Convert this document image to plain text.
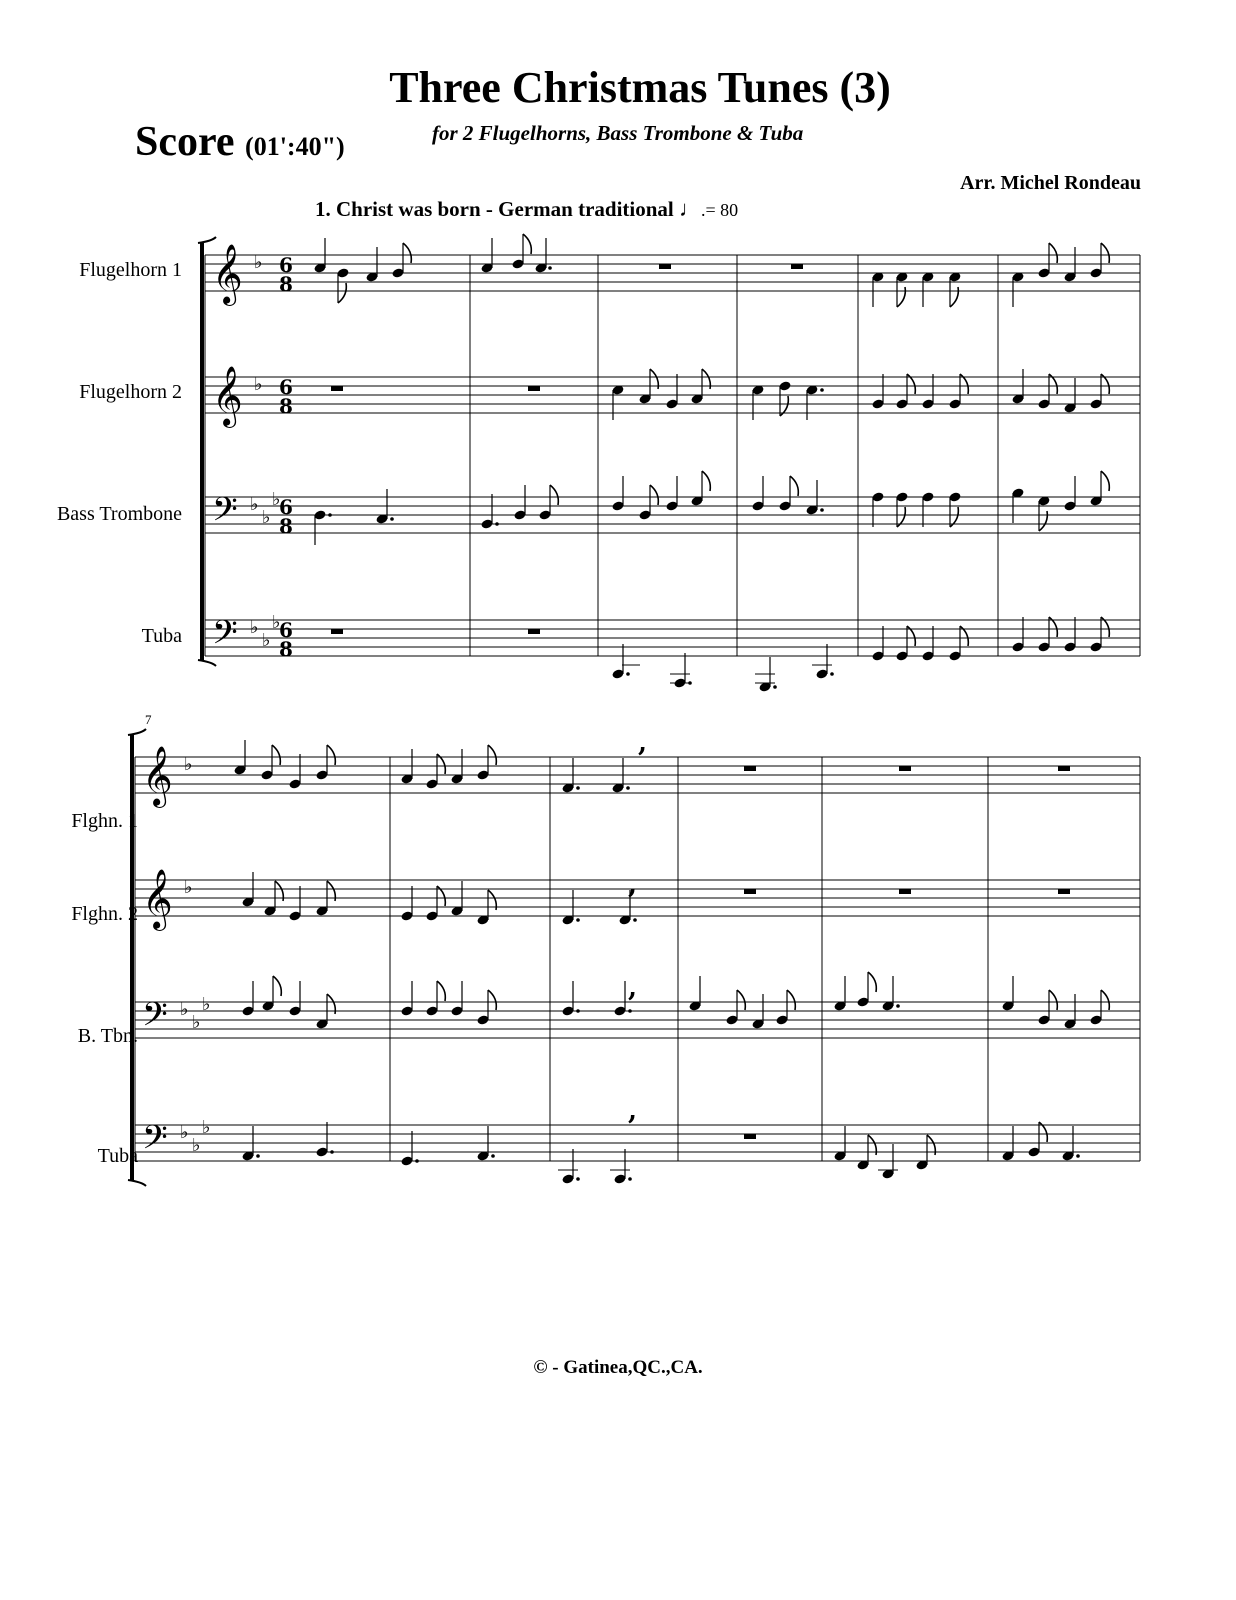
Three Christmas Tunes (3)
Score (01':40")	for 2 Flugelhorns, Bass Trombone & Tuba
Arr. Michel Rondeau
1. Christ was born - German traditional ♩.= 80
Flugelhorn 1
Flugelhorn 2
Bass Trombone
Tuba
7
Flghn. 1
Flghn. 2
B. Tbn.
Tuba
𝄞 ♭ 6
8
𝄞 ♭ 6
8
𝄢 ♭
♭
♭
6
8
𝄢 ♭
♭
♭
6
8
𝄞 ♭
𝄞 ♭
𝄢 ♭
♭
♭
𝄢 ♭
♭
♭
,
,
,
,
© - Gatinea,QC.,CA.
